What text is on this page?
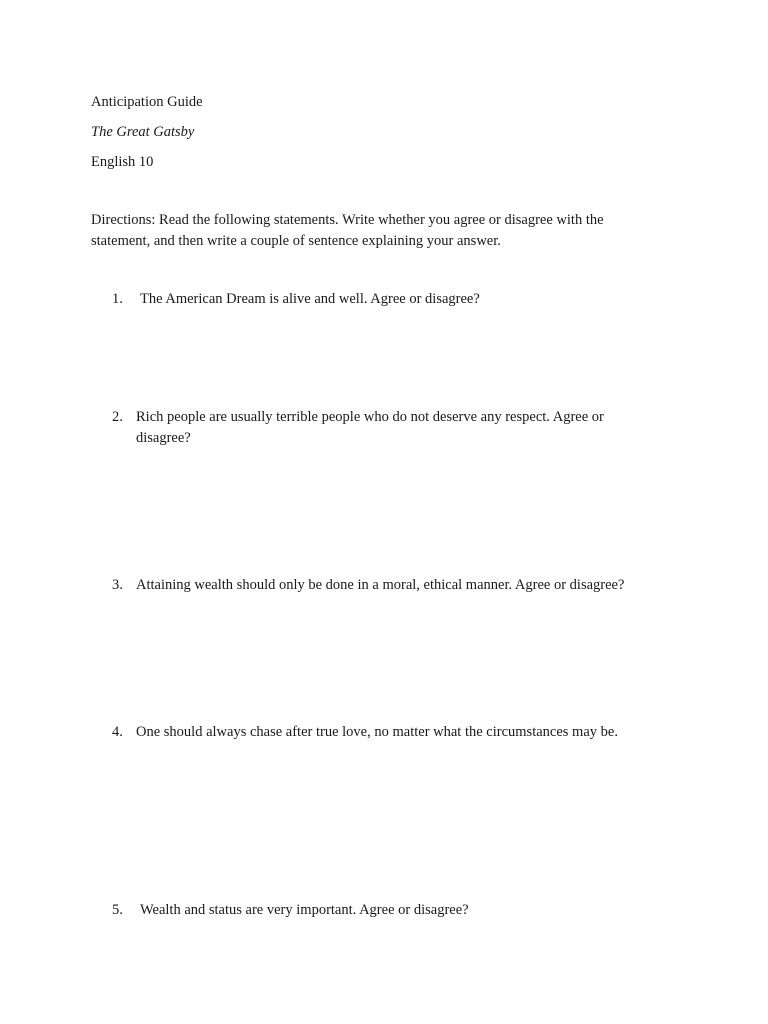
Anticipation Guide
The Great Gatsby
English 10

Directions: Read the following statements. Write whether you agree or disagree with the

statement, and then write a couple of sentence explaining your answer.

1. The American Dream is alive and well. Agree or disagree?
2. Rich people are usually terrible people who do not deserve any respect. Agree or
disagree?
3. Attaining wealth should only be done in a moral, ethical manner. Agree or disagree?
4. One should always chase after true love, no matter what the circumstances may be.
5. Wealth and status are very important. Agree or disagree?
